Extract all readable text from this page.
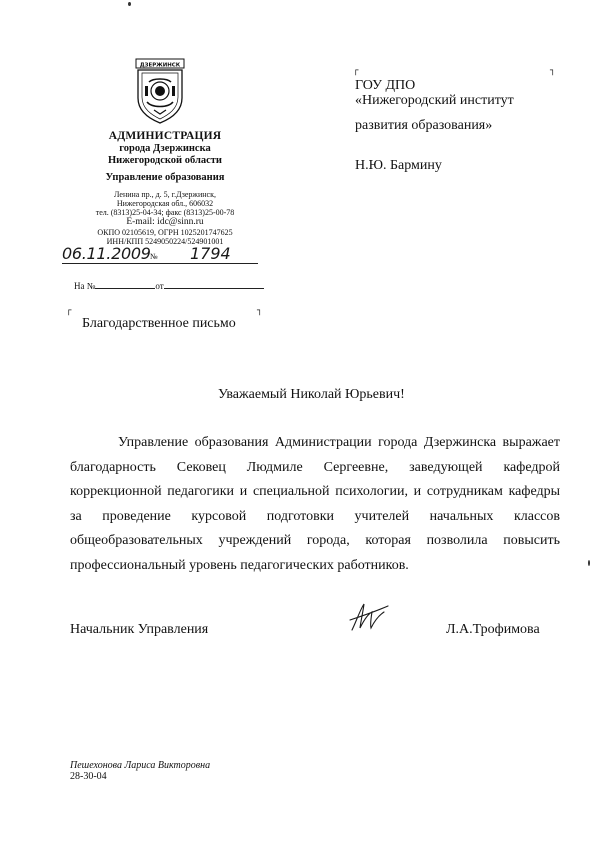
ДЗЕРЖИНСК
АДМИНИСТРАЦИЯ
города Дзержинска
Нижегородской области
Управление образования
Ленина пр., д. 5, г.Дзержинск,
Нижегородская обл., 606032
тел. (8313)25-04-34; факс (8313)25-00-78
E-mail: idc@sinn.ru
ОКПО 02105619, ОГРН 1025201747625
ИНН/КПП 5249050224/524901001
06.11.2009 № 1794
На №	от
┌	┐
┌	┐
ГОУ ДПО
«Нижегородский институт
развития образования»
Н.Ю. Бармину
Благодарственное письмо
Уважаемый Николай Юрьевич!
Управление образования Администрации города Дзержинска выражает
благодарность Сековец Людмиле Сергеевне, заведующей кафедрой
коррекционной педагогики и специальной психологии, и сотрудникам кафедры
за проведение курсовой подготовки учителей начальных классов
общеобразовательных учреждений города, которая позволила повысить
профессиональный уровень педагогических работников.
Начальник Управления	Л.А.Трофимова
Пешехонова Лариса Викторовна
28-30-04
